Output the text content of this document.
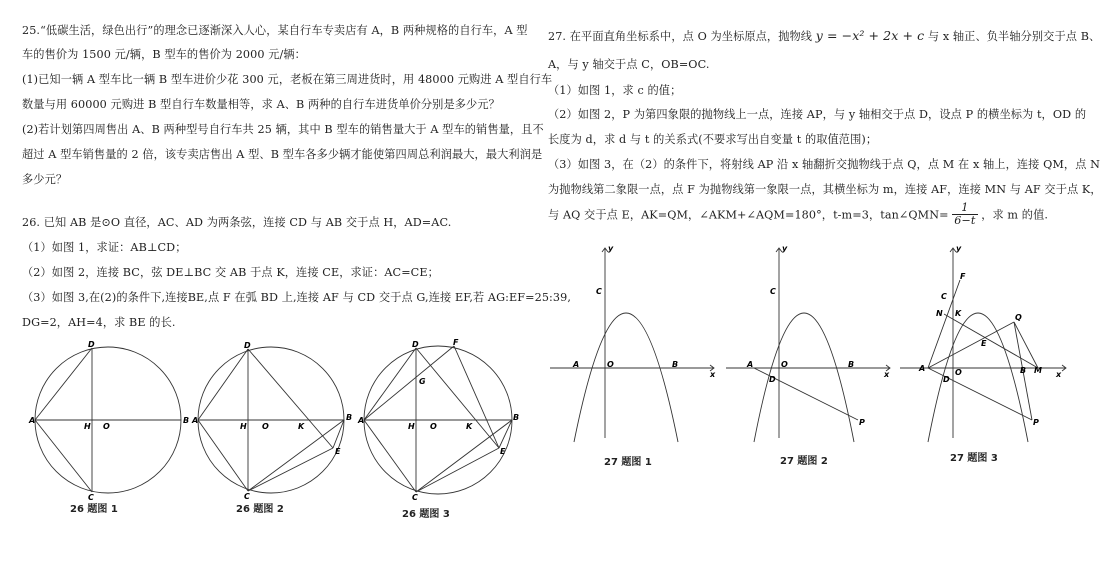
25.“低碳生活，绿色出行”的理念已逐渐深入人心，某自行车专卖店有 A，B 两种规格的自行车，A 型
车的售价为 1500 元/辆，B 型车的售价为 2000 元/辆：
(1)已知一辆 A 型车比一辆 B 型车进价少花 300 元，老板在第三周进货时，用 48000 元购进 A 型自行车
数量与用 60000 元购进 B 型自行车数量相等，求 A、B 两种的自行车进货单价分别是多少元？
(2)若计划第四周售出 A、B 两种型号自行车共 25 辆，其中 B 型车的销售量大于 A 型车的销售量，且不
超过 A 型车销售量的 2 倍，该专卖店售出 A 型、B 型车各多少辆才能使第四周总利润最大，最大利润是
多少元？
26. 已知 AB 是⊙O 直径，AC、AD 为两条弦，连接 CD 与 AB 交于点 H，AD=AC.
（1）如图 1，求证：AB⊥CD；
（2）如图 2，连接 BC，弦 DE⊥BC 交 AB 于点 K，连接 CE，求证：AC=CE；
（3）如图 3,在(2)的条件下,连接BE,点 F 在弧 BD 上,连接 AF 与 CD 交于点 G,连接 EF,若 AG:EF=25:39,
DG=2，AH=4，求 BE 的长.
D
A	B
H O
C
26 题图 1
D
A	B
H O	K
E
C
26 题图 2
D	F
G
A	B
H O	K
E
C
26 题图 3
27. 在平面直角坐标系中，点 O 为坐标原点，抛物线 y = −x² + 2x + c 与 x 轴正、负半轴分别交于点 B、
A，与 y 轴交于点 C，OB=OC.
（1）如图 1，求 c 的值；
（2）如图 2，P 为第四象限的抛物线上一点，连接 AP，与 y 轴相交于点 D，设点 P 的横坐标为 t，OD 的
长度为 d，求 d 与 t 的关系式(不要求写出自变量 t 的取值范围)；
（3）如图 3，在（2）的条件下，将射线 AP 沿 x 轴翻折交抛物线于点 Q，点 M 在 x 轴上，连接 QM，点 N
为抛物线第二象限一点，点 F 为抛物线第一象限一点，其横坐标为 m，连接 AF，连接 MN 与 AF 交于点 K，
与 AQ 交于点 E，AK=QM，∠AKM+∠AQM=180°，t-m=3，tan∠QMN= $\frac{1}{6-t}$ ，求 m 的值.
y
x
A	O	B
C
27 题图 1
y
x
A	O	B
C
D
P
27 题图 2
y
x
A	O	B M
C
F
N K
E
Q
D
P
27 题图 3
